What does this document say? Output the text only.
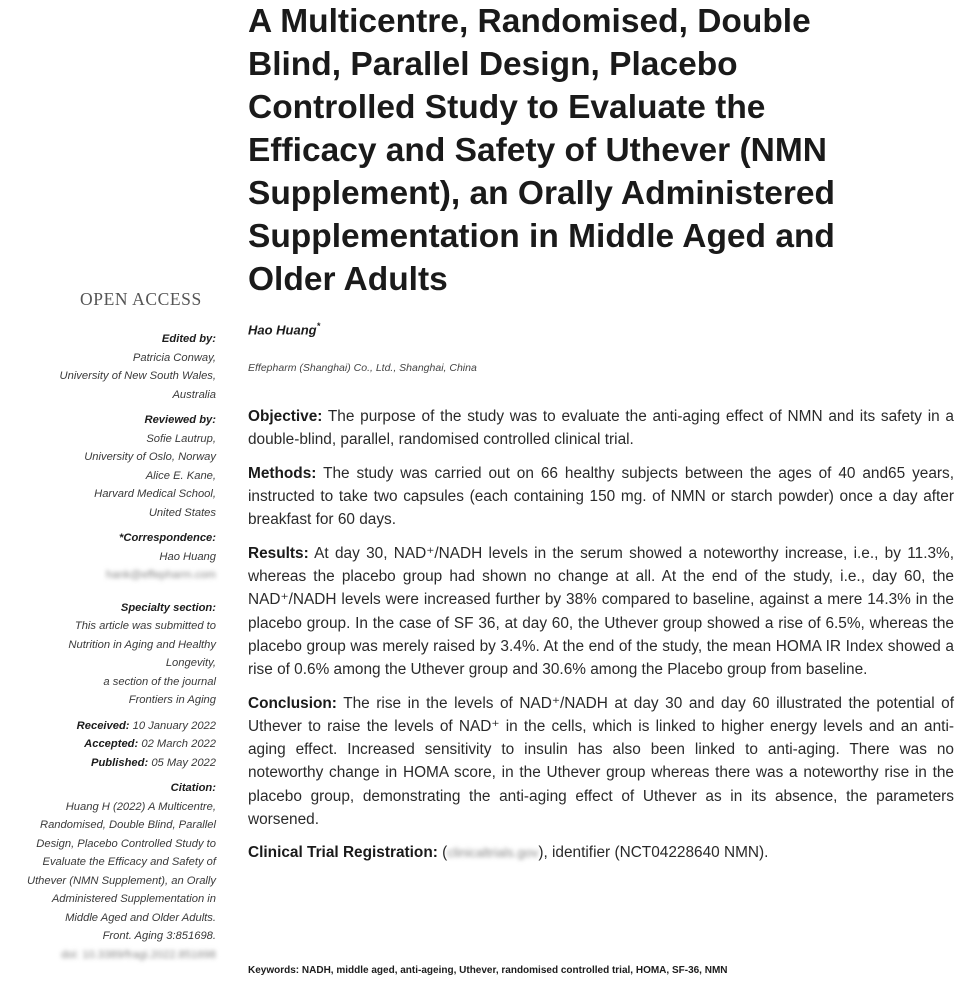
A Multicentre, Randomised, Double
Blind, Parallel Design, Placebo
Controlled Study to Evaluate the
Efficacy and Safety of Uthever (NMN
Supplement), an Orally Administered
Supplementation in Middle Aged and
Older Adults
OPEN ACCESS
Edited by:
Patricia Conway,
University of New South Wales,
Australia
Reviewed by:
Sofie Lautrup,
University of Oslo, Norway
Alice E. Kane,
Harvard Medical School,
United States
*Correspondence:
Hao Huang
hank@effepharm.com
Specialty section:
This article was submitted to
Nutrition in Aging and Healthy
Longevity,
a section of the journal
Frontiers in Aging
Received: 10 January 2022
Accepted: 02 March 2022
Published: 05 May 2022
Citation:
Huang H (2022) A Multicentre,
Randomised, Double Blind, Parallel
Design, Placebo Controlled Study to
Evaluate the Efficacy and Safety of
Uthever (NMN Supplement), an Orally
Administered Supplementation in
Middle Aged and Older Adults.
Front. Aging 3:851698.
doi: 10.3389/fragi.2022.851698
Hao Huang*
Effepharm (Shanghai) Co., Ltd., Shanghai, China

Objective: The purpose of the study was to evaluate the anti-aging effect of NMN and its safety in a double-blind, parallel, randomised controlled clinical trial.

Methods: The study was carried out on 66 healthy subjects between the ages of 40 and65 years, instructed to take two capsules (each containing 150 mg. of NMN or starch powder) once a day after breakfast for 60 days.

Results: At day 30, NAD⁺/NADH levels in the serum showed a noteworthy increase, i.e., by 11.3%, whereas the placebo group had shown no change at all. At the end of the study, i.e., day 60, the NAD⁺/NADH levels were increased further by 38% compared to baseline, against a mere 14.3% in the placebo group. In the case of SF 36, at day 60, the Uthever group showed a rise of 6.5%, whereas the placebo group was merely raised by 3.4%. At the end of the study, the mean HOMA IR Index showed a rise of 0.6% among the Uthever group and 30.6% among the Placebo group from baseline.

Conclusion: The rise in the levels of NAD⁺/NADH at day 30 and day 60 illustrated the potential of Uthever to raise the levels of NAD⁺ in the cells, which is linked to higher energy levels and an anti-aging effect. Increased sensitivity to insulin has also been linked to anti-aging. There was no noteworthy change in HOMA score, in the Uthever group whereas there was a noteworthy rise in the placebo group, demonstrating the anti-aging effect of Uthever as in its absence, the parameters worsened.

Clinical Trial Registration: (clinicaltrials.gov), identifier (NCT04228640 NMN).

Keywords: NADH, middle aged, anti-ageing, Uthever, randomised controlled trial, HOMA, SF-36, NMN
